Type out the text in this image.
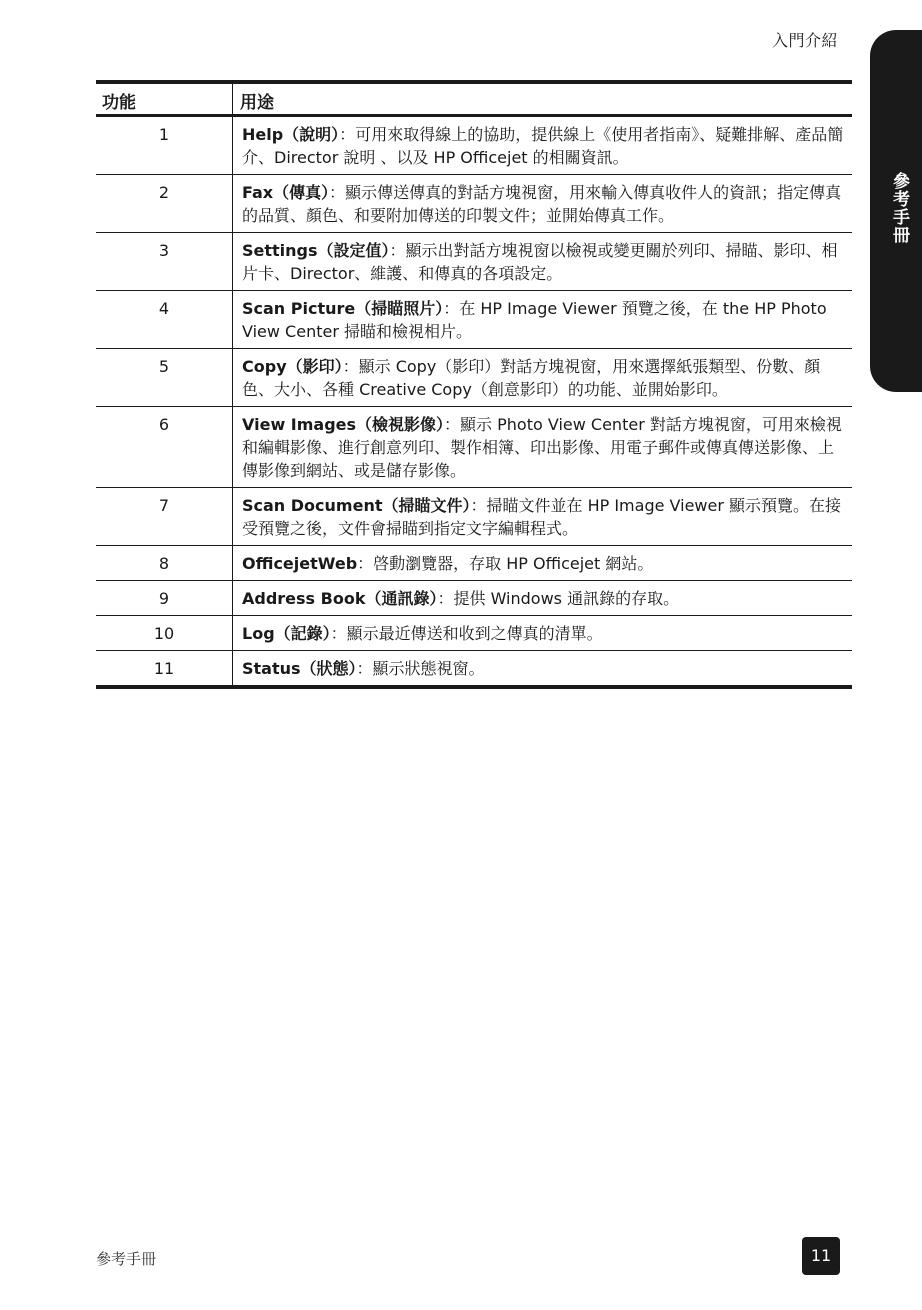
入門介紹
參考手冊
功能	用途
1	Help（說明）：可用來取得線上的協助，提供線上《使用者指南》、疑難排解、產品簡介、Director 說明 、以及 HP Officejet 的相關資訊。
2	Fax（傳真）：顯示傳送傳真的對話方塊視窗，用來輸入傳真收件人的資訊；指定傳真的品質、顏色、和要附加傳送的印製文件；並開始傳真工作。
3	Settings（設定值）：顯示出對話方塊視窗以檢視或變更關於列印、掃瞄、影印、相片卡、Director、維護、和傳真的各項設定。
4	Scan Picture（掃瞄照片）：在 HP Image Viewer 預覽之後，在 the HP Photo View Center 掃瞄和檢視相片。
5	Copy（影印）：顯示 Copy（影印）對話方塊視窗，用來選擇紙張類型、份數、顏色、大小、各種 Creative Copy（創意影印）的功能、並開始影印。
6	View Images（檢視影像）：顯示 Photo View Center 對話方塊視窗，可用來檢視和編輯影像、進行創意列印、製作相簿、印出影像、用電子郵件或傳真傳送影像、上傳影像到網站、或是儲存影像。
7	Scan Document（掃瞄文件）：掃瞄文件並在 HP Image Viewer 顯示預覽。在接受預覽之後，文件會掃瞄到指定文字編輯程式。
8	OfficejetWeb：啓動瀏覽器，存取 HP Officejet 網站。
9	Address Book（通訊錄）：提供 Windows 通訊錄的存取。
10	Log（記錄）：顯示最近傳送和收到之傳真的清單。
11	Status（狀態）：顯示狀態視窗。
參考手冊	11
